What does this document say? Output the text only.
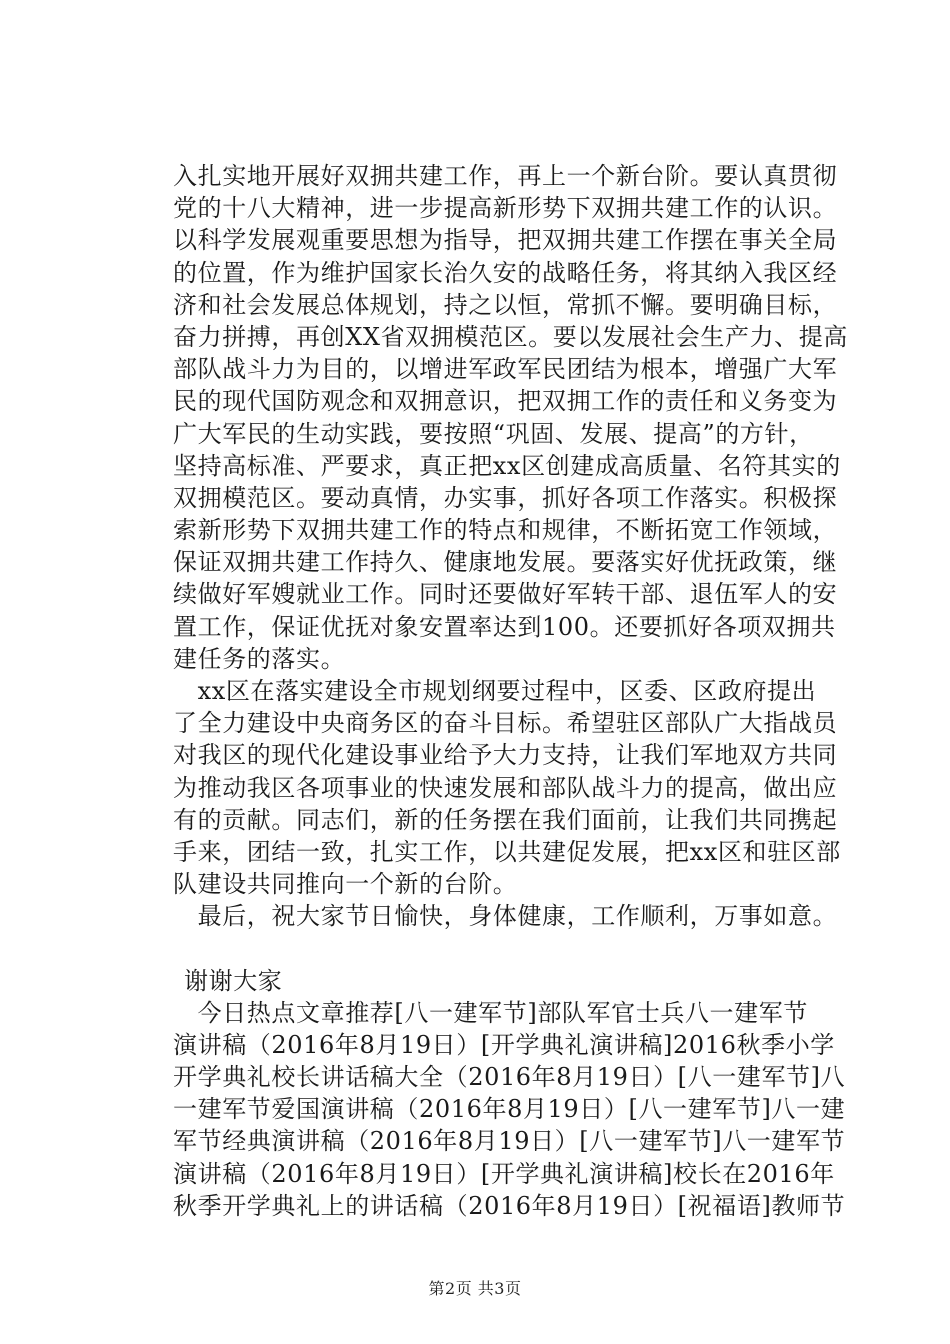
入扎实地开展好双拥共建工作，再上一个新台阶。要认真贯彻
党的十八大精神，进一步提高新形势下双拥共建工作的认识。
以科学发展观重要思想为指导，把双拥共建工作摆在事关全局
的位置，作为维护国家长治久安的战略任务，将其纳入我区经
济和社会发展总体规划，持之以恒，常抓不懈。要明确目标，
奋力拼搏，再创XX省双拥模范区。要以发展社会生产力、提高
部队战斗力为目的，以增进军政军民团结为根本，增强广大军
民的现代国防观念和双拥意识，把双拥工作的责任和义务变为
广大军民的生动实践，要按照“巩固、发展、提高”的方针，
坚持高标准、严要求，真正把xx区创建成高质量、名符其实的
双拥模范区。要动真情，办实事，抓好各项工作落实。积极探
索新形势下双拥共建工作的特点和规律，不断拓宽工作领域，
保证双拥共建工作持久、健康地发展。要落实好优抚政策，继
续做好军嫂就业工作。同时还要做好军转干部、退伍军人的安
置工作，保证优抚对象安置率达到100。还要抓好各项双拥共
建任务的落实。
　xx区在落实建设全市规划纲要过程中，区委、区政府提出
了全力建设中央商务区的奋斗目标。希望驻区部队广大指战员
对我区的现代化建设事业给予大力支持，让我们军地双方共同
为推动我区各项事业的快速发展和部队战斗力的提高，做出应
有的贡献。同志们，新的任务摆在我们面前，让我们共同携起
手来，团结一致，扎实工作，以共建促发展，把xx区和驻区部
队建设共同推向一个新的台阶。
　最后，祝大家节日愉快，身体健康，工作顺利，万事如意。
谢谢大家
　今日热点文章推荐[八一建军节]部队军官士兵八一建军节
演讲稿（2016年8月19日）[开学典礼演讲稿]2016秋季小学
开学典礼校长讲话稿大全（2016年8月19日）[八一建军节]八
一建军节爱国演讲稿（2016年8月19日）[八一建军节]八一建
军节经典演讲稿（2016年8月19日）[八一建军节]八一建军节
演讲稿（2016年8月19日）[开学典礼演讲稿]校长在2016年
秋季开学典礼上的讲话稿（2016年8月19日）[祝福语]教师节
第2页 共3页
